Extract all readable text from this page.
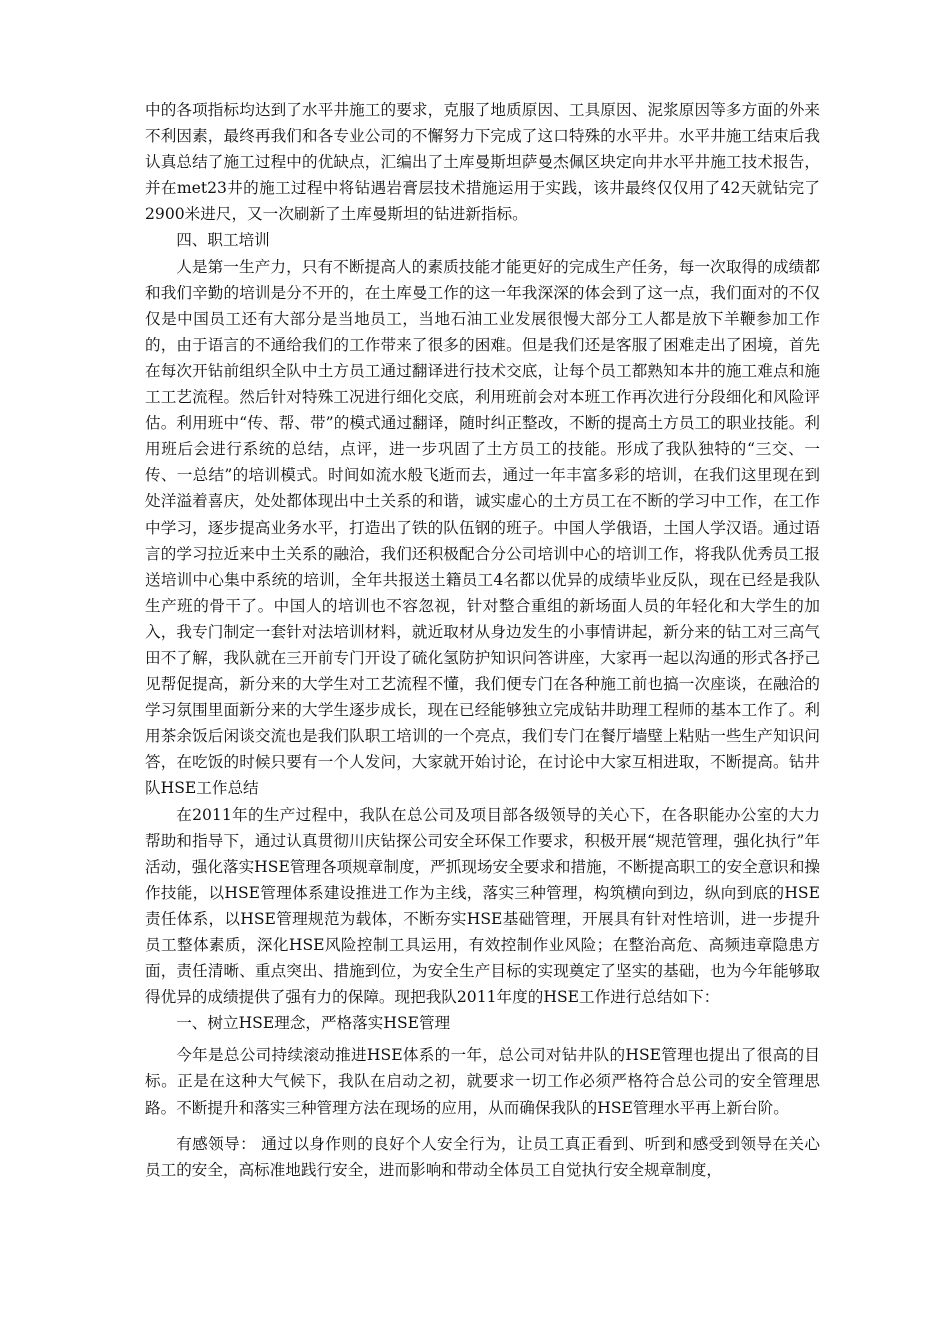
中的各项指标均达到了水平井施工的要求，克服了地质原因、工具原因、泥浆原因等多方面的外来不利因素，最终再我们和各专业公司的不懈努力下完成了这口特殊的水平井。水平井施工结束后我认真总结了施工过程中的优缺点，汇编出了土库曼斯坦萨曼杰佩区块定向井水平井施工技术报告，并在met23井的施工过程中将钻遇岩膏层技术措施运用于实践，该井最终仅仅用了42天就钻完了2900米进尺，又一次刷新了土库曼斯坦的钻进新指标。

四、职工培训

人是第一生产力，只有不断提高人的素质技能才能更好的完成生产任务，每一次取得的成绩都和我们辛勤的培训是分不开的，在土库曼工作的这一年我深深的体会到了这一点，我们面对的不仅仅是中国员工还有大部分是当地员工，当地石油工业发展很慢大部分工人都是放下羊鞭参加工作的，由于语言的不通给我们的工作带来了很多的困难。但是我们还是客服了困难走出了困境，首先在每次开钻前组织全队中土方员工通过翻译进行技术交底，让每个员工都熟知本井的施工难点和施工工艺流程。然后针对特殊工况进行细化交底，利用班前会对本班工作再次进行分段细化和风险评估。利用班中“传、帮、带”的模式通过翻译，随时纠正整改，不断的提高土方员工的职业技能。利用班后会进行系统的总结，点评，进一步巩固了土方员工的技能。形成了我队独特的“三交、一传、一总结”的培训模式。时间如流水般飞逝而去，通过一年丰富多彩的培训，在我们这里现在到处洋溢着喜庆，处处都体现出中土关系的和谐，诚实虚心的土方员工在不断的学习中工作，在工作中学习，逐步提高业务水平，打造出了铁的队伍钢的班子。中国人学俄语，土国人学汉语。通过语言的学习拉近来中土关系的融洽，我们还积极配合分公司培训中心的培训工作，将我队优秀员工报送培训中心集中系统的培训，全年共报送土籍员工4名都以优异的成绩毕业反队，现在已经是我队生产班的骨干了。中国人的培训也不容忽视，针对整合重组的新场面人员的年轻化和大学生的加入，我专门制定一套针对法培训材料，就近取材从身边发生的小事情讲起，新分来的钻工对三高气田不了解，我队就在三开前专门开设了硫化氢防护知识问答讲座，大家再一起以沟通的形式各抒己见帮促提高，新分来的大学生对工艺流程不懂，我们便专门在各种施工前也搞一次座谈，在融洽的学习氛围里面新分来的大学生逐步成长，现在已经能够独立完成钻井助理工程师的基本工作了。利用茶余饭后闲谈交流也是我们队职工培训的一个亮点，我们专门在餐厅墙壁上粘贴一些生产知识问答，在吃饭的时候只要有一个人发问，大家就开始讨论，在讨论中大家互相进取，不断提高。钻井队HSE工作总结

在2011年的生产过程中，我队在总公司及项目部各级领导的关心下，在各职能办公室的大力帮助和指导下，通过认真贯彻川庆钻探公司安全环保工作要求，积极开展“规范管理，强化执行”年活动，强化落实HSE管理各项规章制度，严抓现场安全要求和措施，不断提高职工的安全意识和操作技能，以HSE管理体系建设推进工作为主线，落实三种管理，构筑横向到边，纵向到底的HSE责任体系，以HSE管理规范为载体，不断夯实HSE基础管理，开展具有针对性培训，进一步提升员工整体素质，深化HSE风险控制工具运用，有效控制作业风险；在整治高危、高频违章隐患方面，责任清晰、重点突出、措施到位，为安全生产目标的实现奠定了坚实的基础，也为今年能够取得优异的成绩提供了强有力的保障。现把我队2011年度的HSE工作进行总结如下：

一、树立HSE理念，严格落实HSE管理

今年是总公司持续滚动推进HSE体系的一年，总公司对钻井队的HSE管理也提出了很高的目标。正是在这种大气候下，我队在启动之初，就要求一切工作必须严格符合总公司的安全管理思路。不断提升和落实三种管理方法在现场的应用，从而确保我队的HSE管理水平再上新台阶。

有感领导： 通过以身作则的良好个人安全行为，让员工真正看到、听到和感受到领导在关心员工的安全，高标准地践行安全，进而影响和带动全体员工自觉执行安全规章制度，
